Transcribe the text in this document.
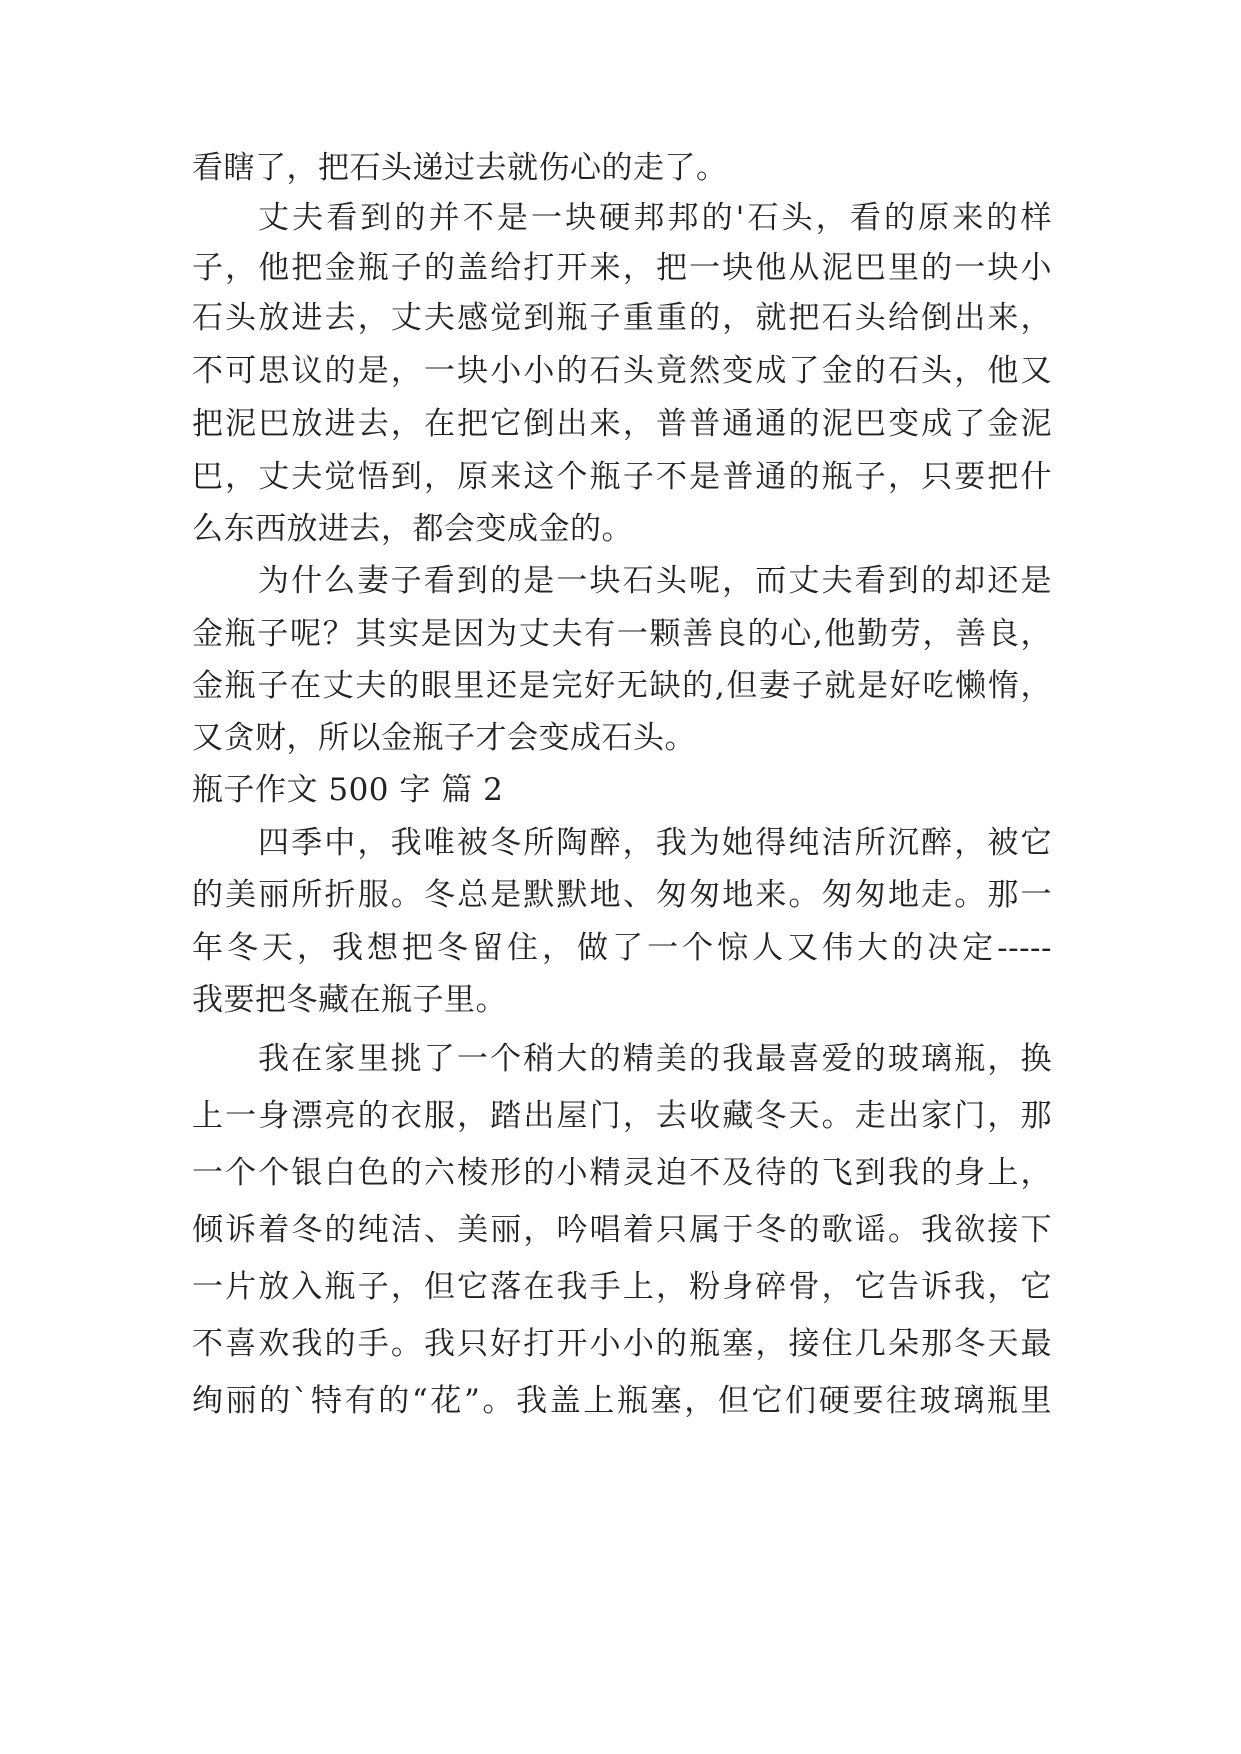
看瞎了，把石头递过去就伤心的走了。
丈夫看到的并不是一块硬邦邦的'石头，看的原来的样
子，他把金瓶子的盖给打开来，把一块他从泥巴里的一块小
石头放进去，丈夫感觉到瓶子重重的，就把石头给倒出来，
不可思议的是，一块小小的石头竟然变成了金的石头，他又
把泥巴放进去，在把它倒出来，普普通通的泥巴变成了金泥
巴，丈夫觉悟到，原来这个瓶子不是普通的瓶子，只要把什
么东西放进去，都会变成金的。
为什么妻子看到的是一块石头呢，而丈夫看到的却还是
金瓶子呢？其实是因为丈夫有一颗善良的心,他勤劳，善良，
金瓶子在丈夫的眼里还是完好无缺的,但妻子就是好吃懒惰，
又贪财，所以金瓶子才会变成石头。
瓶子作文 500 字 篇 2
四季中，我唯被冬所陶醉，我为她得纯洁所沉醉，被它
的美丽所折服。冬总是默默地、匆匆地来。匆匆地走。那一
年冬天，我想把冬留住，做了一个惊人又伟大的决定-----
我要把冬藏在瓶子里。
我在家里挑了一个稍大的精美的我最喜爱的玻璃瓶，换
上一身漂亮的衣服，踏出屋门，去收藏冬天。走出家门，那
一个个银白色的六棱形的小精灵迫不及待的飞到我的身上，
倾诉着冬的纯洁、美丽，吟唱着只属于冬的歌谣。我欲接下
一片放入瓶子，但它落在我手上，粉身碎骨，它告诉我，它
不喜欢我的手。我只好打开小小的瓶塞，接住几朵那冬天最
绚丽的`特有的“花”。我盖上瓶塞，但它们硬要往玻璃瓶里
